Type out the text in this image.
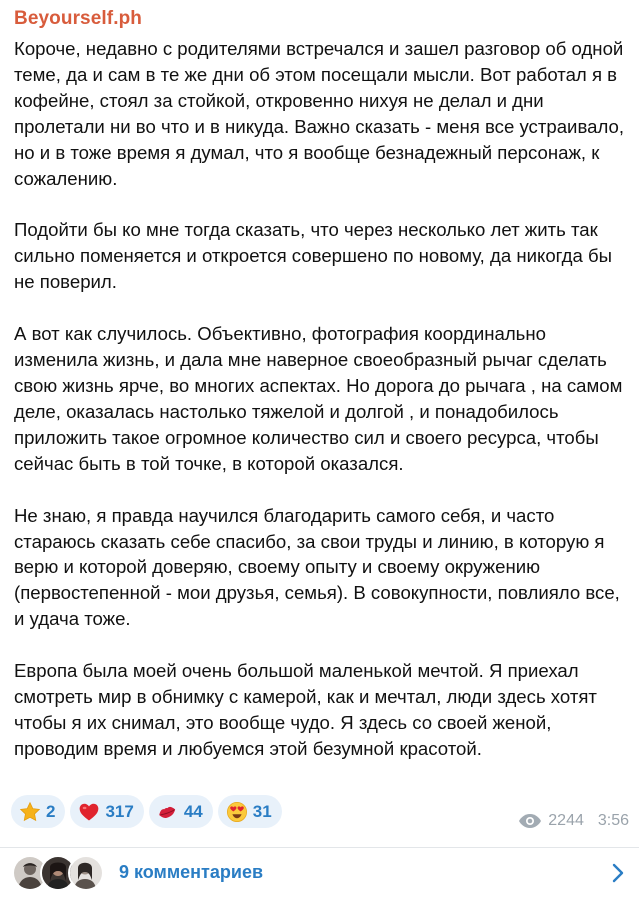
Beyourself.ph

Короче, недавно с родителями встречался и зашел разговор об одной теме, да и сам в те же дни об этом посещали мысли. Вот работал я в кофейне, стоял за стойкой, откровенно нихуя не делал и дни пролетали ни во что и в никуда. Важно сказать - меня все устраивало, но и в тоже время я думал, что я вообще безнадежный персонаж, к сожалению.

Подойти бы ко мне тогда сказать, что через несколько лет жить так сильно поменяется и откроется совершено по новому, да никогда бы не поверил.

А вот как случилось. Объективно, фотография координально изменила жизнь, и дала мне наверное своеобразный рычаг сделать свою жизнь ярче, во многих аспектах. Но дорога до рычага , на самом деле, оказалась настолько тяжелой и долгой , и понадобилось приложить такое огромное количество сил и своего ресурса, чтобы сейчас быть в той точке, в которой оказался.

Не знаю, я правда научился благодарить самого себя, и часто стараюсь сказать себе спасибо, за свои труды и линию, в которую я верю и которой доверяю, своему опыту и своему окружению (первостепенной - мои друзья, семья). В совокупности, повлияло все, и удача тоже.

Европа была моей очень большой маленькой мечтой. Я приехал смотреть мир в обнимку с камерой, как и мечтал, люди здесь хотят чтобы я их снимал, это вообще чудо. Я здесь со своей женой, проводим время и любуемся этой безумной красотой.

2	317	44	31	2244 3:56
9 комментариев
